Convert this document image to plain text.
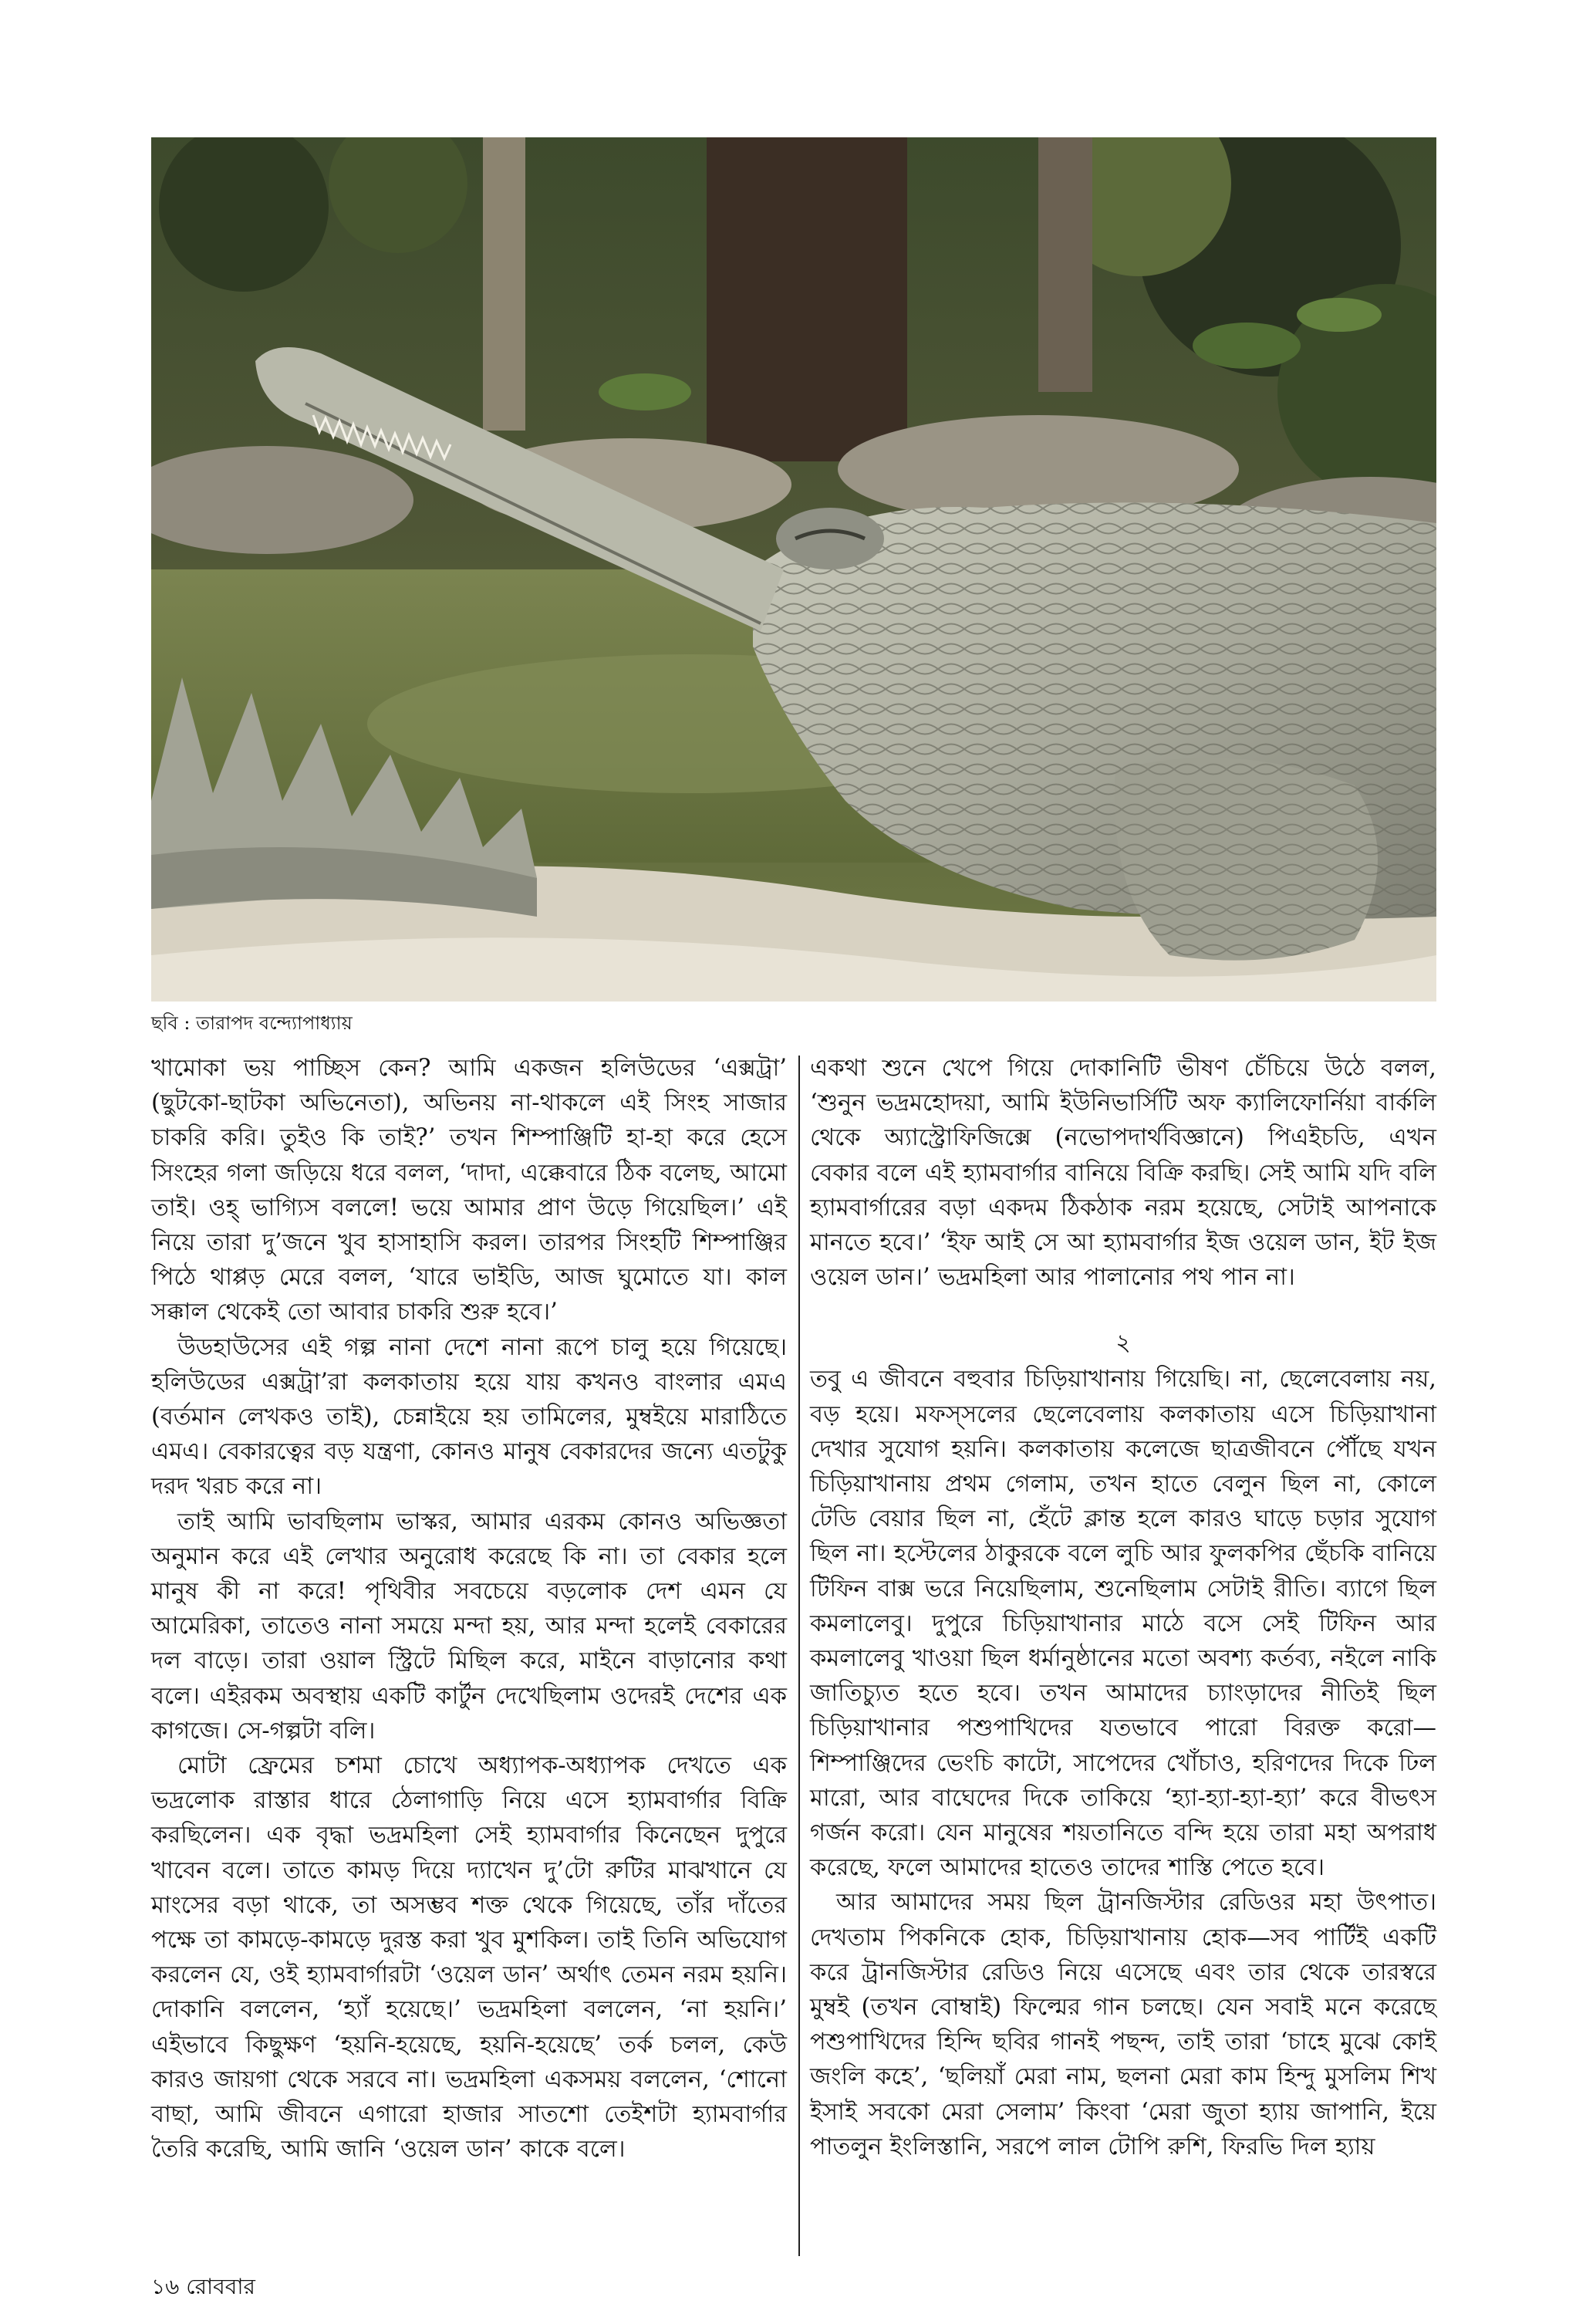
ছবি : তারাপদ বন্দ্যোপাধ্যায়

খামোকা ভয় পাচ্ছিস কেন? আমি একজন হলিউডের ‘এক্সট্রা’ (ছুটকো-ছাটকা অভিনেতা), অভিনয় না-থাকলে এই সিংহ সাজার চাকরি করি। তুইও কি তাই?’ তখন শিম্পাঞ্জিটি হা-হা করে হেসে সিংহের গলা জড়িয়ে ধরে বলল, ‘দাদা, এক্কেবারে ঠিক বলেছ, আমো তাই। ওহ্ ভাগ্যিস বললে! ভয়ে আমার প্রাণ উড়ে গিয়েছিল।’ এই নিয়ে তারা দু’জনে খুব হাসাহাসি করল। তারপর সিংহটি শিম্পাঞ্জির পিঠে থাপ্পড় মেরে বলল, ‘যারে ভাইডি, আজ ঘুমোতে যা। কাল সক্কাল থেকেই তো আবার চাকরি শুরু হবে।’

উডহাউসের এই গল্প নানা দেশে নানা রূপে চালু হয়ে গিয়েছে। হলিউডের এক্সট্রা’রা কলকাতায় হয়ে যায় কখনও বাংলার এমএ (বর্তমান লেখকও তাই), চেন্নাইয়ে হয় তামিলের, মুম্বইয়ে মারাঠিতে এমএ। বেকারত্বের বড় যন্ত্রণা, কোনও মানুষ বেকারদের জন্যে এতটুকু দরদ খরচ করে না।

তাই আমি ভাবছিলাম ভাস্কর, আমার এরকম কোনও অভিজ্ঞতা অনুমান করে এই লেখার অনুরোধ করেছে কি না। তা বেকার হলে মানুষ কী না করে! পৃথিবীর সবচেয়ে বড়লোক দেশ এমন যে আমেরিকা, তাতেও নানা সময়ে মন্দা হয়, আর মন্দা হলেই বেকারের দল বাড়ে। তারা ওয়াল স্ট্রিটে মিছিল করে, মাইনে বাড়ানোর কথা বলে। এইরকম অবস্থায় একটি কার্টুন দেখেছিলাম ওদেরই দেশের এক কাগজে। সে-গল্পটা বলি।

মোটা ফ্রেমের চশমা চোখে অধ্যাপক-অধ্যাপক দেখতে এক ভদ্রলোক রাস্তার ধারে ঠেলাগাড়ি নিয়ে এসে হ্যামবার্গার বিক্রি করছিলেন। এক বৃদ্ধা ভদ্রমহিলা সেই হ্যামবার্গার কিনেছেন দুপুরে খাবেন বলে। তাতে কামড় দিয়ে দ্যাখেন দু’টো রুটির মাঝখানে যে মাংসের বড়া থাকে, তা অসম্ভব শক্ত থেকে গিয়েছে, তাঁর দাঁতের পক্ষে তা কামড়ে-কামড়ে দুরস্ত করা খুব মুশকিল। তাই তিনি অভিযোগ করলেন যে, ওই হ্যামবার্গারটা ‘ওয়েল ডান’ অর্থাৎ তেমন নরম হয়নি। দোকানি বললেন, ‘হ্যাঁ হয়েছে।’ ভদ্রমহিলা বললেন, ‘না হয়নি।’ এইভাবে কিছুক্ষণ ‘হয়নি-হয়েছে, হয়নি-হয়েছে’ তর্ক চলল, কেউ কারও জায়গা থেকে সরবে না। ভদ্রমহিলা একসময় বললেন, ‘শোনো বাছা, আমি জীবনে এগারো হাজার সাতশো তেইশটা হ্যামবার্গার তৈরি করেছি, আমি জানি ‘ওয়েল ডান’ কাকে বলে।

একথা শুনে খেপে গিয়ে দোকানিটি ভীষণ চেঁচিয়ে উঠে বলল, ‘শুনুন ভদ্রমহোদয়া, আমি ইউনিভার্সিটি অফ ক্যালিফোর্নিয়া বার্কলি থেকে অ্যাস্ট্রোফিজিক্সে (নভোপদার্থবিজ্ঞানে) পিএইচডি, এখন বেকার বলে এই হ্যামবার্গার বানিয়ে বিক্রি করছি। সেই আমি যদি বলি হ্যামবার্গারের বড়া একদম ঠিকঠাক নরম হয়েছে, সেটাই আপনাকে মানতে হবে।’ ‘ইফ আই সে আ হ্যামবার্গার ইজ ওয়েল ডান, ইট ইজ ওয়েল ডান।’ ভদ্রমহিলা আর পালানোর পথ পান না।

২

তবু এ জীবনে বহুবার চিড়িয়াখানায় গিয়েছি। না, ছেলেবেলায় নয়, বড় হয়ে। মফস্সলের ছেলেবেলায় কলকাতায় এসে চিড়িয়াখানা দেখার সুযোগ হয়নি। কলকাতায় কলেজে ছাত্রজীবনে পৌঁছে যখন চিড়িয়াখানায় প্রথম গেলাম, তখন হাতে বেলুন ছিল না, কোলে টেডি বেয়ার ছিল না, হেঁটে ক্লান্ত হলে কারও ঘাড়ে চড়ার সুযোগ ছিল না। হস্টেলের ঠাকুরকে বলে লুচি আর ফুলকপির ছেঁচকি বানিয়ে টিফিন বাক্স ভরে নিয়েছিলাম, শুনেছিলাম সেটাই রীতি। ব্যাগে ছিল কমলালেবু। দুপুরে চিড়িয়াখানার মাঠে বসে সেই টিফিন আর কমলালেবু খাওয়া ছিল ধর্মানুষ্ঠানের মতো অবশ্য কর্তব্য, নইলে নাকি জাতিচ্যুত হতে হবে। তখন আমাদের চ্যাংড়াদের নীতিই ছিল চিড়িয়াখানার পশুপাখিদের যতভাবে পারো বিরক্ত করো—শিম্পাঞ্জিদের ভেংচি কাটো, সাপেদের খোঁচাও, হরিণদের দিকে ঢিল মারো, আর বাঘেদের দিকে তাকিয়ে ‘হ্যা-হ্যা-হ্যা-হ্যা’ করে বীভৎস গর্জন করো। যেন মানুষের শয়তানিতে বন্দি হয়ে তারা মহা অপরাধ করেছে, ফলে আমাদের হাতেও তাদের শাস্তি পেতে হবে।

আর আমাদের সময় ছিল ট্রানজিস্টার রেডিওর মহা উৎপাত। দেখতাম পিকনিকে হোক, চিড়িয়াখানায় হোক—সব পার্টিই একটি করে ট্রানজিস্টার রেডিও নিয়ে এসেছে এবং তার থেকে তারস্বরে মুম্বই (তখন বোম্বাই) ফিল্মের গান চলছে। যেন সবাই মনে করেছে পশুপাখিদের হিন্দি ছবির গানই পছন্দ, তাই তারা ‘চাহে মুঝে কোই জংলি কহে’, ‘ছলিয়াঁ মেরা নাম, ছলনা মেরা কাম হিন্দু মুসলিম শিখ ইসাই সবকো মেরা সেলাম’ কিংবা ‘মেরা জুতা হ্যায় জাপানি, ইয়ে পাতলুন ইংলিস্তানি, সরপে লাল টোপি রুশি, ফিরভি দিল হ্যায়

১৬ রোববার
